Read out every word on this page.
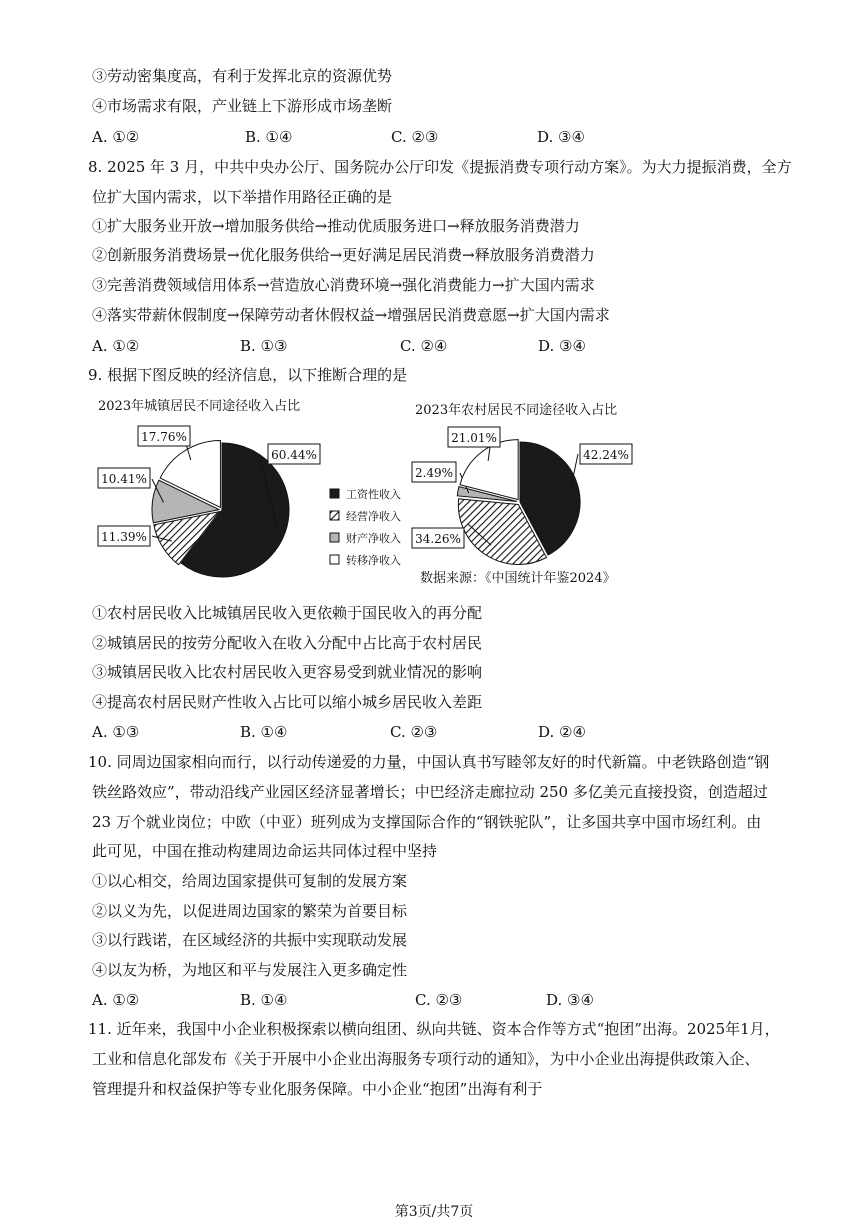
③劳动密集度高，有利于发挥北京的资源优势
④市场需求有限，产业链上下游形成市场垄断
A. ①②	B. ①④	C. ②③	D. ③④
8. 2025 年 3 月，中共中央办公厅、国务院办公厅印发《提振消费专项行动方案》。为大力提振消费，全方
位扩大国内需求，以下举措作用路径正确的是
①扩大服务业开放→增加服务供给→推动优质服务进口→释放服务消费潜力
②创新服务消费场景→优化服务供给→更好满足居民消费→释放服务消费潜力
③完善消费领域信用体系→营造放心消费环境→强化消费能力→扩大国内需求
④落实带薪休假制度→保障劳动者休假权益→增强居民消费意愿→扩大国内需求
A. ①②	B. ①③	C. ②④	D. ③④
9. 根据下图反映的经济信息，以下推断合理的是
2023年城镇居民不同途径收入占比
60.44%
11.39%
10.41%
17.76%
2023年农村居民不同途径收入占比
42.24%
34.26%
2.49%
21.01%
工资性收入
经营净收入
财产净收入
转移净收入
数据来源：《中国统计年鉴2024》
①农村居民收入比城镇居民收入更依赖于国民收入的再分配
②城镇居民的按劳分配收入在收入分配中占比高于农村居民
③城镇居民收入比农村居民收入更容易受到就业情况的影响
④提高农村居民财产性收入占比可以缩小城乡居民收入差距
A. ①③	B. ①④	C. ②③	D. ②④
10. 同周边国家相向而行，以行动传递爱的力量，中国认真书写睦邻友好的时代新篇。中老铁路创造“钢
铁丝路效应”，带动沿线产业园区经济显著增长；中巴经济走廊拉动 250 多亿美元直接投资，创造超过
23 万个就业岗位；中欧（中亚）班列成为支撑国际合作的“钢铁驼队”，让多国共享中国市场红利。由
此可见，中国在推动构建周边命运共同体过程中坚持
①以心相交，给周边国家提供可复制的发展方案
②以义为先，以促进周边国家的繁荣为首要目标
③以行践诺，在区域经济的共振中实现联动发展
④以友为桥，为地区和平与发展注入更多确定性
A. ①②	B. ①④	C. ②③	D. ③④
11. 近年来，我国中小企业积极探索以横向组团、纵向共链、资本合作等方式“抱团”出海。2025年1月，
工业和信息化部发布《关于开展中小企业出海服务专项行动的通知》，为中小企业出海提供政策入企、
管理提升和权益保护等专业化服务保障。中小企业“抱团”出海有利于
第3页/共7页
